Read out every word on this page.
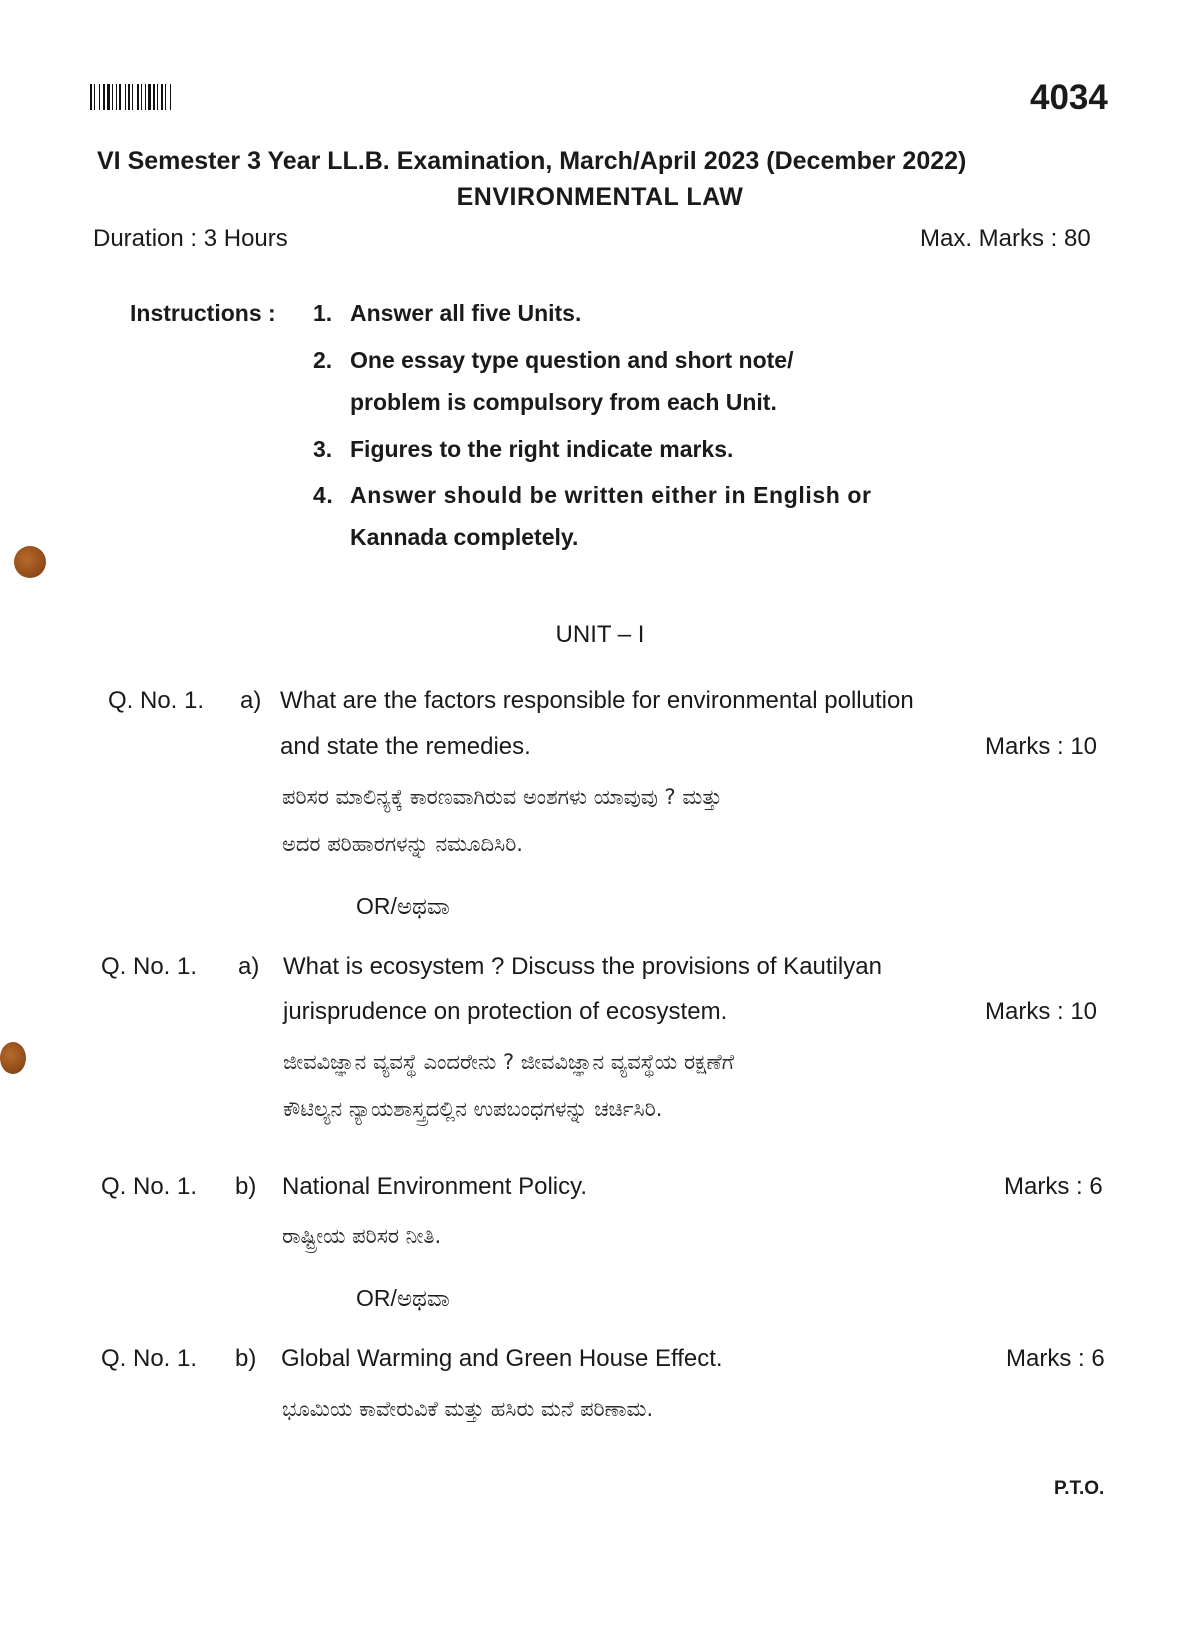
4034
VI Semester 3 Year LL.B. Examination, March/April 2023 (December 2022)
ENVIRONMENTAL LAW
Duration : 3 Hours	Max. Marks : 80
Instructions : 1. Answer all five Units.
2. One essay type question and short note/
problem is compulsory from each Unit.
3. Figures to the right indicate marks.
4. Answer should be written either in English or
Kannada completely.
UNIT – I
Q. No. 1. a) What are the factors responsible for environmental pollution
and state the remedies.	Marks : 10
ಪರಿಸರ ಮಾಲಿನ್ಯಕ್ಕೆ ಕಾರಣವಾಗಿರುವ ಅಂಶಗಳು ಯಾವುವು ? ಮತ್ತು
ಅದರ ಪರಿಹಾರಗಳನ್ನು ನಮೂದಿಸಿರಿ.
OR/ಅಥವಾ
Q. No. 1. a) What is ecosystem ? Discuss the provisions of Kautilyan
jurisprudence on protection of ecosystem.	Marks : 10
ಜೀವವಿಜ್ಞಾನ ವ್ಯವಸ್ಥೆ ಎಂದರೇನು ? ಜೀವವಿಜ್ಞಾನ ವ್ಯವಸ್ಥೆಯ ರಕ್ಷಣೆಗೆ
ಕೌಟಿಲ್ಯನ ನ್ಯಾಯಶಾಸ್ತ್ರದಲ್ಲಿನ ಉಪಬಂಧಗಳನ್ನು ಚರ್ಚಿಸಿರಿ.
Q. No. 1. b) National Environment Policy.	Marks : 6
ರಾಷ್ಟ್ರೀಯ ಪರಿಸರ ನೀತಿ.
OR/ಅಥವಾ
Q. No. 1. b) Global Warming and Green House Effect.	Marks : 6
ಭೂಮಿಯ ಕಾವೇರುವಿಕೆ ಮತ್ತು ಹಸಿರು ಮನೆ ಪರಿಣಾಮ.
P.T.O.
